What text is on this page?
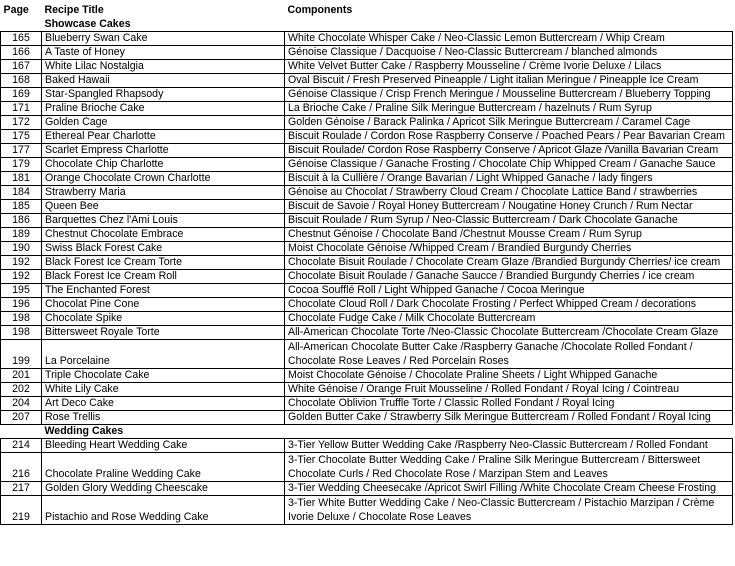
Page	Recipe Title	Components
	Showcase Cakes	
165	Blueberry Swan Cake	White Chocolate Whisper Cake / Neo-Classic Lemon Buttercream / Whip Cream
166	A Taste of Honey	Génoise Classique / Dacquoise / Neo-Classic Buttercream / blanched almonds
167	White Lilac Nostalgia	White Velvet Butter Cake / Raspberry Mousseline / Crème Ivorie Deluxe / Lilacs
168	Baked Hawaii	Oval Biscuit / Fresh Preserved Pineapple / Light italian Meringue / Pineapple Ice Cream
169	Star-Spangled Rhapsody	Génoise Classique / Crisp French Meringue / Mousseline Buttercream / Blueberry Topping
171	Praline Brioche Cake	La Brioche Cake / Praline Silk Meringue Buttercream / hazelnuts / Rum Syrup
172	Golden Cage	Golden Génoise / Barack Palinka / Apricot Silk Meringue Buttercream / Caramel Cage
175	Ethereal Pear Charlotte	Biscuit Roulade / Cordon Rose Raspberry Conserve / Poached Pears / Pear Bavarian Cream
177	Scarlet Empress Charlotte	Biscuit Roulade/ Cordon Rose Raspberry Conserve / Apricot Glaze /Vanilla Bavarian Cream
179	Chocolate Chip Charlotte	Génoise Classique / Ganache Frosting / Chocolate Chip Whipped Cream / Ganache Sauce
181	Orange Chocolate Crown Charlotte	Biscuit à la Cullière / Orange Bavarian / Light Whipped Ganache / lady fingers
184	Strawberry Maria	Génoise au Chocolat / Strawberry Cloud Cream / Chocolate Lattice Band / strawberries
185	Queen Bee	Biscuit de Savoie / Royal Honey Buttercream / Nougatine Honey Crunch / Rum Nectar
186	Barquettes Chez l'Ami Louis	Biscuit Roulade / Rum Syrup / Neo-Classic Buttercream / Dark Chocolate Ganache
189	Chestnut Chocolate Embrace	Chestnut Génoise / Chocolate Band /Chestnut Mousse Cream / Rum Syrup
190	Swiss Black Forest Cake	Moist Chocolate Génoise /Whipped Cream / Brandied Burgundy Cherries
192	Black Forest Ice Cream Torte	Chocolate Bisuit Roulade / Chocolate Cream Glaze /Brandied Burgundy Cherries/ ice cream
192	Black Forest Ice Cream Roll	Chocolate Bisuit Roulade / Ganache Saucce / Brandied Burgundy Cherries / ice cream
195	The Enchanted Forest	Cocoa Soufflé Roll / Light Whipped Ganache / Cocoa Meringue
196	Chocolat Pine Cone	Chocolate Cloud Roll / Dark Chocolate Frosting / Perfect Whipped Cream / decorations
198	Chocolate Spike	Chocolate Fudge Cake / Milk Chocolate Buttercream
198	Bittersweet Royale Torte	All-American Chocolate Torte /Neo-Classic Chocolate Buttercream /Chocolate Cream Glaze
199	La Porcelaine	All-American Chocolate Butter Cake /Raspberry Ganache /Chocolate Rolled Fondant / Chocolate Rose Leaves / Red Porcelain Roses
201	Triple Chocolate Cake	Moist Chocolate Génoise / Chocolate Praline Sheets / Light Whipped Ganache
202	White Lily Cake	White Génoise / Orange Fruit Mousseline / Rolled Fondant / Royal Icing / Cointreau
204	Art Deco Cake	Chocolate Oblivion Truffle Torte / Classic Rolled Fondant / Royal Icing
207	Rose Trellis	Golden Butter Cake / Strawberry Silk Meringue Buttercream / Rolled Fondant / Royal Icing
	Wedding Cakes	
214	Bleeding Heart Wedding Cake	3-Tier Yellow Butter Wedding Cake /Raspberry Neo-Classic Buttercream / Rolled Fondant
216	Chocolate Praline Wedding Cake	3-Tier Chocolate Butter Wedding Cake / Praline Silk Meringue Buttercream / Bittersweet Chocolate Curls / Red Chocolate Rose / Marzipan Stem and Leaves
217	Golden Glory Wedding Cheescake	3-Tier Wedding Cheesecake /Apricot Swirl Filling /White Chocolate Cream Cheese Frosting
219	Pistachio and Rose Wedding Cake	3-Tier White Butter Wedding Cake / Neo-Classic Buttercream / Pistachio Marzipan / Crème Ivorie Deluxe / Chocolate Rose Leaves
